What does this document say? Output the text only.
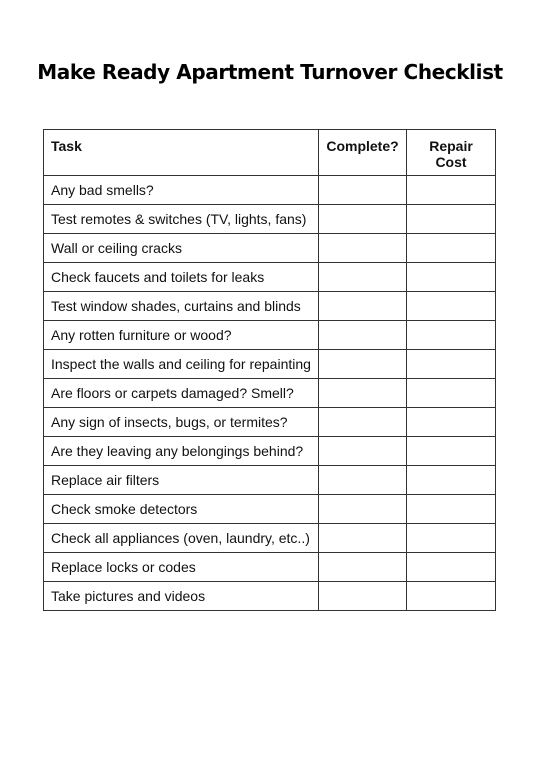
Make Ready Apartment Turnover Checklist
Task	Complete?	Repair Cost
Any bad smells?		
Test remotes & switches (TV, lights, fans)		
Wall or ceiling cracks		
Check faucets and toilets for leaks		
Test window shades, curtains and blinds		
Any rotten furniture or wood?		
Inspect the walls and ceiling for repainting		
Are floors or carpets damaged? Smell?		
Any sign of insects, bugs, or termites?		
Are they leaving any belongings behind?		
Replace air filters		
Check smoke detectors		
Check all appliances (oven, laundry, etc..)		
Replace locks or codes		
Take pictures and videos		
